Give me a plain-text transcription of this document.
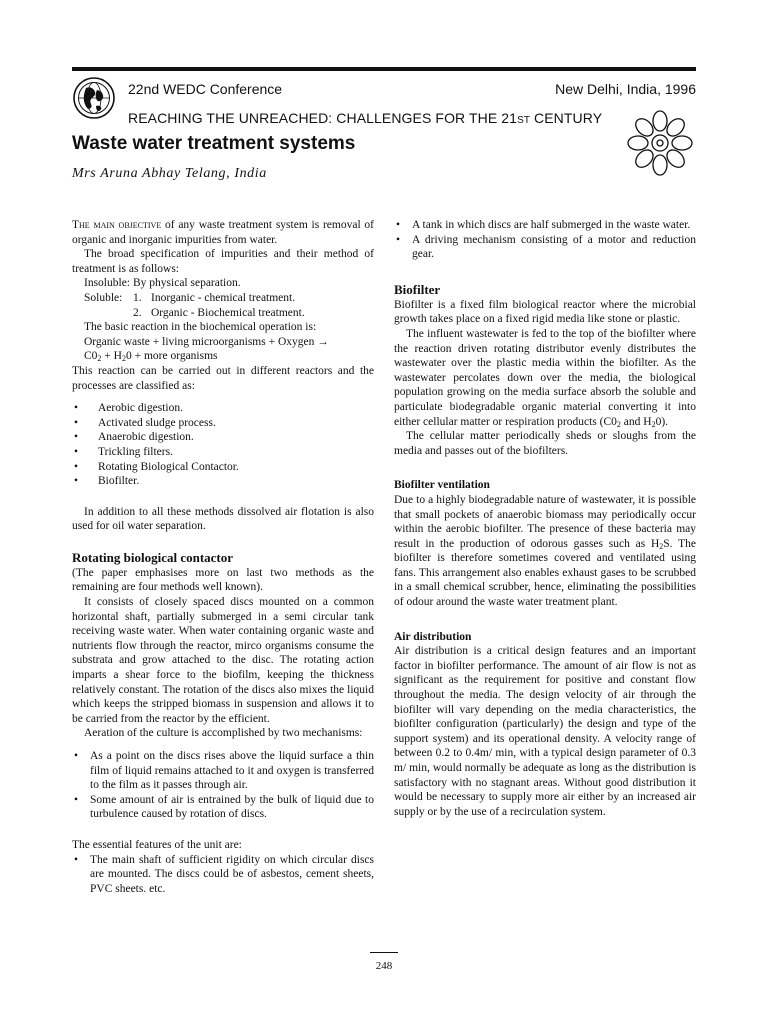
22nd WEDC Conference	New Delhi, India, 1996
REACHING THE UNREACHED: CHALLENGES FOR THE 21ST CENTURY
Waste water treatment systems
Mrs Aruna Abhay Telang, India

The main objective of any waste treatment system is removal of organic and inorganic impurities from water.

The broad specification of impurities and their method of treatment is as follows:

Insoluble: By physical separation.
Soluble: 1. Inorganic - chemical treatment.
2. Organic - Biochemical treatment.

The basic reaction in the biochemical operation is:

Organic waste + living microorganisms + Oxygen →

$C0_2 + H_20$ + more organisms

This reaction can be carried out in different reactors and the processes are classified as:

• Aerobic digestion.
• Activated sludge process.
• Anaerobic digestion.
• Trickling filters.
• Rotating Biological Contactor.
• Biofilter.

In addition to all these methods dissolved air flotation is also used for oil water separation.

Rotating biological contactor

(The paper emphasises more on last two methods as the remaining are four methods well known).

It consists of closely spaced discs mounted on a common horizontal shaft, partially submerged in a semi circular tank receiving waste water. When water containing organic waste and nutrients flow through the reactor, mirco organisms consume the substrata and grow attached to the disc. The rotating action imparts a shear force to the biofilm, keeping the thickness relatively constant. The rotation of the discs also mixes the liquid which keeps the stripped biomass in suspension and allows it to be carried from the reactor by the efficient.

Aeration of the culture is accomplished by two mechanisms:

• As a point on the discs rises above the liquid surface a thin film of liquid remains attached to it and oxygen is transferred to the film as it passes through air.
• Some amount of air is entrained by the bulk of liquid due to turbulence caused by rotation of discs.

The essential features of the unit are:

• The main shaft of sufficient rigidity on which circular discs are mounted. The discs could be of asbestos, cement sheets, PVC sheets. etc.
• A tank in which discs are half submerged in the waste water.
• A driving mechanism consisting of a motor and reduction gear.
Biofilter

Biofilter is a fixed film biological reactor where the microbial growth takes place on a fixed rigid media like stone or plastic.

The influent wastewater is fed to the top of the biofilter where the reaction driven rotating distributor evenly distributes the wastewater over the plastic media within the biofilter. As the wastewater percolates down over the media, the biological population growing on the media surface absorb the soluble and particulate biodegradable organic material converting it into either cellular matter or respiration products ($C0_2$ and $H_20$).

The cellular matter periodically sheds or sloughs from the media and passes out of the biofilters.

Biofilter ventilation

Due to a highly biodegradable nature of wastewater, it is possible that small pockets of anaerobic biomass may periodically occur within the aerobic biofilter. The presence of these bacteria may result in the production of odorous gasses such as $H_2S$. The biofilter is therefore sometimes covered and ventilated using fans. This arrangement also enables exhaust gases to be scrubbed in a small chemical scrubber, hence, eliminating the possibilities of odour around the waste water treatment plant.

Air distribution

Air distribution is a critical design features and an important factor in biofilter performance. The amount of air flow is not as significant as the requirement for positive and constant flow throughout the media. The design velocity of air through the biofilter will vary depending on the media characteristics, the biofilter configuration (particularly) the design and type of the support system) and its operational density. A velocity range of between 0.2 to 0.4m/ min, with a typical design parameter of 0.3 m/ min, would normally be adequate as long as the distribution is satisfactory with no stagnant areas. Without good distribution it would be necessary to supply more air either by an increased air supply or by the use of a recirculation system.

248
